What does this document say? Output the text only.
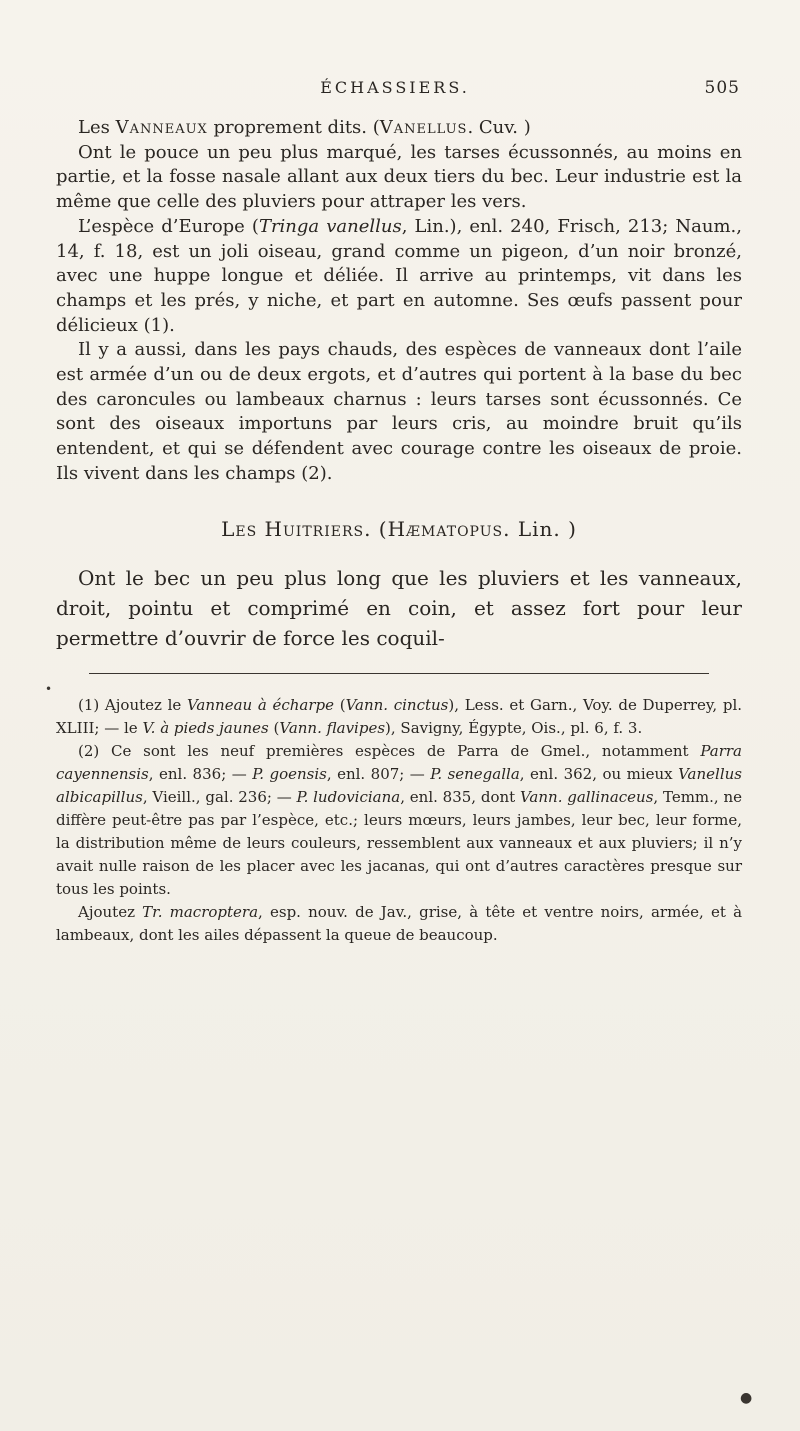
ÉCHASSIERS.	505

Les Vanneaux proprement dits. (Vanellus. Cuv. )

Ont le pouce un peu plus marqué, les tarses écussonnés, au moins en partie, et la fosse nasale allant aux deux tiers du bec. Leur industrie est la même que celle des pluviers pour attraper les vers.

L’espèce d’Europe (Tringa vanellus, Lin.), enl. 240, Frisch, 213; Naum., 14, f. 18, est un joli oiseau, grand comme un pigeon, d’un noir bronzé, avec une huppe longue et déliée. Il arrive au printemps, vit dans les champs et les prés, y niche, et part en automne. Ses œufs passent pour délicieux (1).

Il y a aussi, dans les pays chauds, des espèces de vanneaux dont l’aile est armée d’un ou de deux ergots, et d’autres qui portent à la base du bec des caroncules ou lambeaux charnus : leurs tarses sont écussonnés. Ce sont des oiseaux importuns par leurs cris, au moindre bruit qu’ils entendent, et qui se défendent avec courage contre les oiseaux de proie. Ils vivent dans les champs (2).

Les Huitriers. (Hæmatopus. Lin. )

Ont le bec un peu plus long que les pluviers et les vanneaux, droit, pointu et comprimé en coin, et assez fort pour leur permettre d’ouvrir de force les coquil-

(1) Ajoutez le Vanneau à écharpe (Vann. cinctus), Less. et Garn., Voy. de Duperrey, pl. XLIII; — le V. à pieds jaunes (Vann. flavipes), Savigny, Égypte, Ois., pl. 6, f. 3.

(2) Ce sont les neuf premières espèces de Parra de Gmel., notamment Parra cayennensis, enl. 836; — P. goensis, enl. 807; — P. senegalla, enl. 362, ou mieux Vanellus albicapillus, Vieill., gal. 236; — P. ludoviciana, enl. 835, dont Vann. gallinaceus, Temm., ne diffère peut-être pas par l’espèce, etc.; leurs mœurs, leurs jambes, leur bec, leur forme, la distribution même de leurs couleurs, ressemblent aux vanneaux et aux pluviers; il n’y avait nulle raison de les placer avec les jacanas, qui ont d’autres caractères presque sur tous les points.

Ajoutez Tr. macroptera, esp. nouv. de Jav., grise, à tête et ventre noirs, armée, et à lambeaux, dont les ailes dépassent la queue de beaucoup.

•
●
